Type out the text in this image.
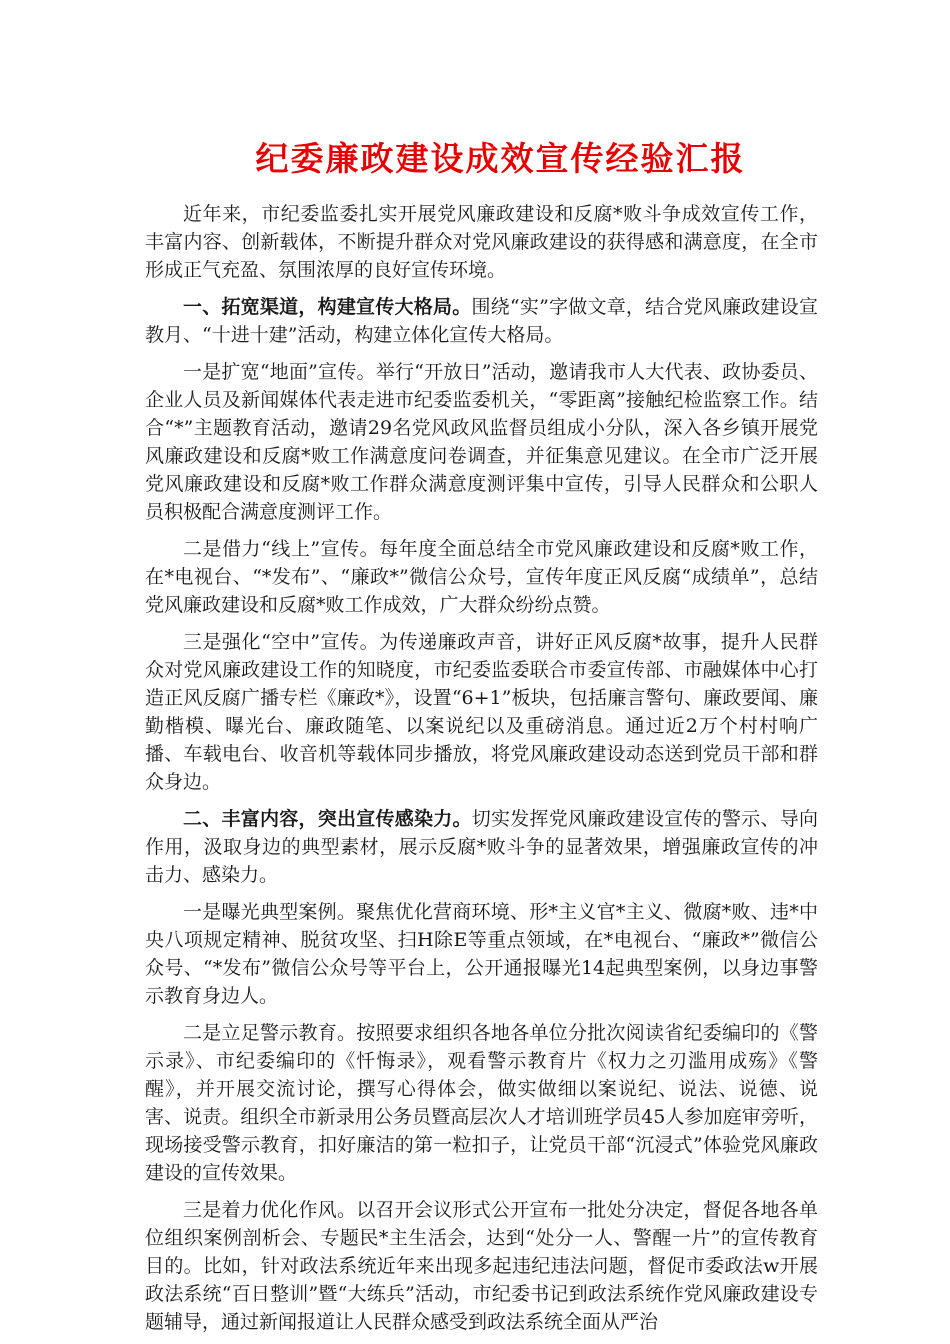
纪委廉政建设成效宣传经验汇报

近年来，市纪委监委扎实开展党风廉政建设和反腐*败斗争成效宣传工作，丰富内容、创新载体，不断提升群众对党风廉政建设的获得感和满意度，在全市形成正气充盈、氛围浓厚的良好宣传环境。

一、拓宽渠道，构建宣传大格局。围绕“实”字做文章，结合党风廉政建设宣教月、“十进十建”活动，构建立体化宣传大格局。

一是扩宽“地面”宣传。举行“开放日”活动，邀请我市人大代表、政协委员、企业人员及新闻媒体代表走进市纪委监委机关，“零距离”接触纪检监察工作。结合“*”主题教育活动，邀请29名党风政风监督员组成小分队，深入各乡镇开展党风廉政建设和反腐*败工作满意度问卷调查，并征集意见建议。在全市广泛开展党风廉政建设和反腐*败工作群众满意度测评集中宣传，引导人民群众和公职人员积极配合满意度测评工作。

二是借力“线上”宣传。每年度全面总结全市党风廉政建设和反腐*败工作，在*电视台、“*发布”、“廉政*”微信公众号，宣传年度正风反腐“成绩单”，总结党风廉政建设和反腐*败工作成效，广大群众纷纷点赞。

三是强化“空中”宣传。为传递廉政声音，讲好正风反腐*故事，提升人民群众对党风廉政建设工作的知晓度，市纪委监委联合市委宣传部、市融媒体中心打造正风反腐广播专栏《廉政*》，设置“6+1”板块，包括廉言警句、廉政要闻、廉勤楷模、曝光台、廉政随笔、以案说纪以及重磅消息。通过近2万个村村响广播、车载电台、收音机等载体同步播放，将党风廉政建设动态送到党员干部和群众身边。

二、丰富内容，突出宣传感染力。切实发挥党风廉政建设宣传的警示、导向作用，汲取身边的典型素材，展示反腐*败斗争的显著效果，增强廉政宣传的冲击力、感染力。

一是曝光典型案例。聚焦优化营商环境、形*主义官*主义、微腐*败、违*中央八项规定精神、脱贫攻坚、扫H除E等重点领域，在*电视台、“廉政*”微信公众号、“*发布”微信公众号等平台上，公开通报曝光14起典型案例，以身边事警示教育身边人。

二是立足警示教育。按照要求组织各地各单位分批次阅读省纪委编印的《警示录》、市纪委编印的《忏悔录》，观看警示教育片《权力之刃滥用成殇》《警醒》，并开展交流讨论，撰写心得体会，做实做细以案说纪、说法、说德、说害、说责。组织全市新录用公务员暨高层次人才培训班学员45人参加庭审旁听，现场接受警示教育，扣好廉洁的第一粒扣子，让党员干部“沉浸式”体验党风廉政建设的宣传效果。

三是着力优化作风。以召开会议形式公开宣布一批处分决定，督促各地各单位组织案例剖析会、专题民*主生活会，达到“处分一人、警醒一片”的宣传教育目的。比如，针对政法系统近年来出现多起违纪违法问题，督促市委政法w开展政法系统“百日整训”暨“大练兵”活动，市纪委书记到政法系统作党风廉政建设专题辅导，通过新闻报道让人民群众感受到政法系统全面从严治
